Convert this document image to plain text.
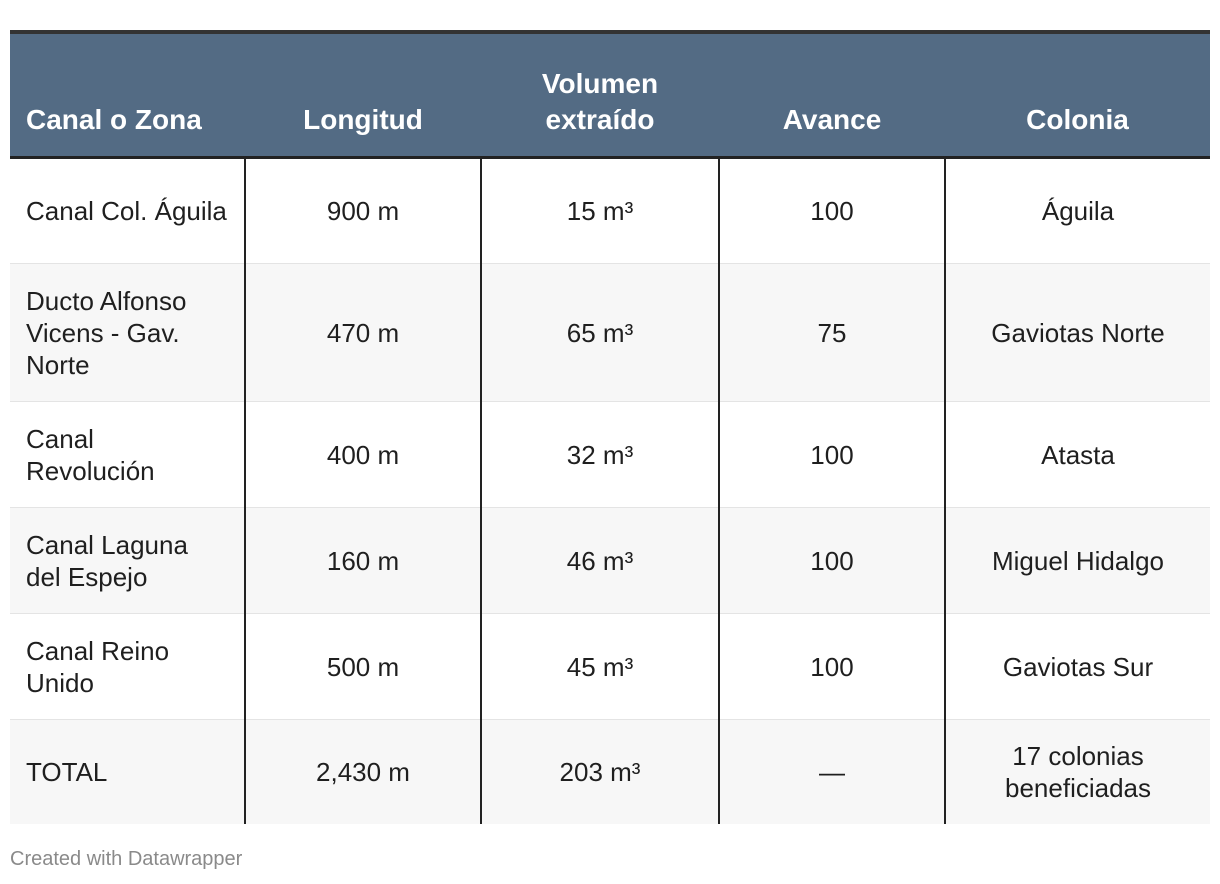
Canal o Zona	Longitud	Volumen extraído	Avance	Colonia
Canal Col. Águila	900 m	15 m³	100	Águila
Ducto Alfonso Vicens - Gav. Norte	470 m	65 m³	75	Gaviotas Norte
Canal Revolución	400 m	32 m³	100	Atasta
Canal Laguna del Espejo	160 m	46 m³	100	Miguel Hidalgo
Canal Reino Unido	500 m	45 m³	100	Gaviotas Sur
TOTAL	2,430 m	203 m³	—	17 colonias beneficiadas
Created with Datawrapper
